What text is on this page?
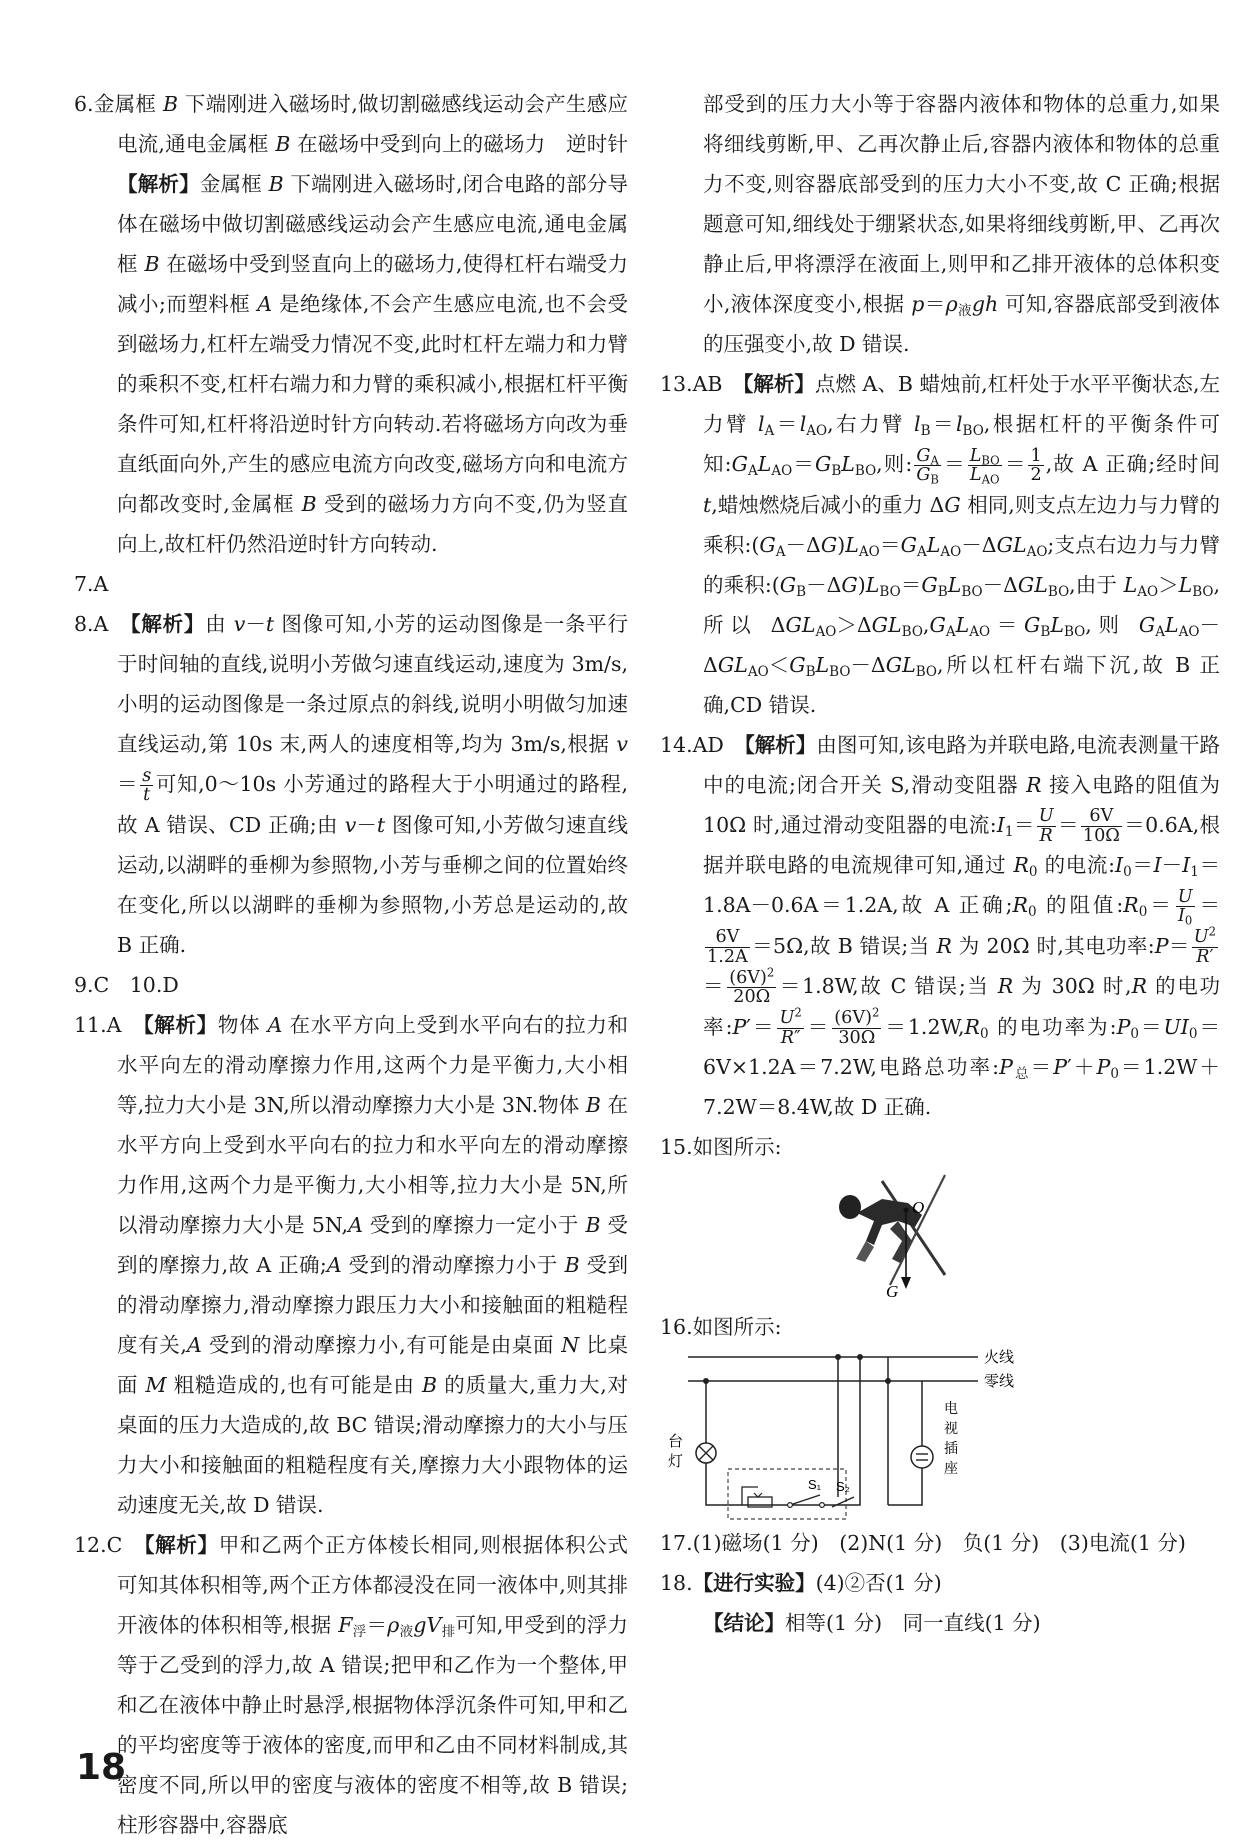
6.金属框 B 下端刚进入磁场时,做切割磁感线运动会产生感应电流,通电金属框 B 在磁场中受到向上的磁场力　逆时针　【解析】金属框 B 下端刚进入磁场时,闭合电路的部分导体在磁场中做切割磁感线运动会产生感应电流,通电金属框 B 在磁场中受到竖直向上的磁场力,使得杠杆右端受力减小;而塑料框 A 是绝缘体,不会产生感应电流,也不会受到磁场力,杠杆左端受力情况不变,此时杠杆左端力和力臂的乘积不变,杠杆右端力和力臂的乘积减小,根据杠杆平衡条件可知,杠杆将沿逆时针方向转动.若将磁场方向改为垂直纸面向外,产生的感应电流方向改变,磁场方向和电流方向都改变时,金属框 B 受到的磁场力方向不变,仍为竖直向上,故杠杆仍然沿逆时针方向转动.

7.A

8.A　【解析】由 v－t 图像可知,小芳的运动图像是一条平行于时间轴的直线,说明小芳做匀速直线运动,速度为 3m/s,小明的运动图像是一条过原点的斜线,说明小明做匀加速直线运动,第 10s 末,两人的速度相等,均为 3m/s,根据 $v= \frac{s}{t}$ 可知,0～10s 小芳通过的路程大于小明通过的路程,故 A 错误、CD 正确;由 v－t 图像可知,小芳做匀速直线运动,以湖畔的垂柳为参照物,小芳与垂柳之间的位置始终在变化,所以以湖畔的垂柳为参照物,小芳总是运动的,故 B 正确.

9.C　10.D

11.A　【解析】物体 A 在水平方向上受到水平向右的拉力和水平向左的滑动摩擦力作用,这两个力是平衡力,大小相等,拉力大小是 3N,所以滑动摩擦力大小是 3N.物体 B 在水平方向上受到水平向右的拉力和水平向左的滑动摩擦力作用,这两个力是平衡力,大小相等,拉力大小是 5N,所以滑动摩擦力大小是 5N,A 受到的摩擦力一定小于 B 受到的摩擦力,故 A 正确;A 受到的滑动摩擦力小于 B 受到的滑动摩擦力,滑动摩擦力跟压力大小和接触面的粗糙程度有关,A 受到的滑动摩擦力小,有可能是由桌面 N 比桌面 M 粗糙造成的,也有可能是由 B 的质量大,重力大,对桌面的压力大造成的,故 BC 错误;滑动摩擦力的大小与压力大小和接触面的粗糙程度有关,摩擦力大小跟物体的运动速度无关,故 D 错误.

12.C　【解析】甲和乙两个正方体棱长相同,则根据体积公式可知其体积相等,两个正方体都浸没在同一液体中,则其排开液体的体积相等,根据 $F_浮=\rho_液gV_排$可知,甲受到的浮力等于乙受到的浮力,故 A 错误;把甲和乙作为一个整体,甲和乙在液体中静止时悬浮,根据物体浮沉条件可知,甲和乙的平均密度等于液体的密度,而甲和乙由不同材料制成,其密度不同,所以甲的密度与液体的密度不相等,故 B 错误;柱形容器中,容器底

部受到的压力大小等于容器内液体和物体的总重力,如果将细线剪断,甲、乙再次静止后,容器内液体和物体的总重力不变,则容器底部受到的压力大小不变,故 C 正确;根据题意可知,细线处于绷紧状态,如果将细线剪断,甲、乙再次静止后,甲将漂浮在液面上,则甲和乙排开液体的总体积变小,液体深度变小,根据 $p=\rho_液gh$ 可知,容器底部受到液体的压强变小,故 D 错误.

13.AB　【解析】点燃 A、B 蜡烛前,杠杆处于水平平衡状态,左力臂 $l_A=l_{AO}$,右力臂 $l_B=l_{BO}$,根据杠杆的平衡条件可知$:G_AL_{AO}=G_BL_{BO}$,则: $\frac{G_A}{G_B} = L_{BO}$
$L_{AO}$
＝ $\frac{1}{2}$ ,故 A 正确;经时间 t,蜡烛燃烧后减小的重力 ΔG 相同,则支点左边力与力臂的乘积$:(G_A-\Delta G)L_{AO}=G_AL_{AO}-\Delta GL_{AO}$;支点右边力与力臂的乘积$:(G_B-\Delta G)L_{BO}=G_BL_{BO}-\Delta GL_{BO}$,由于 $L_{AO}>L_{BO}$,所以 $\Delta GL_{AO}>\Delta GL_{BO},G_AL_{AO}=G_BL_{BO}$,则 $G_AL_{AO}-\Delta GL_{AO}<G_BL_{BO}-\Delta GL_{BO}$,所以杠杆右端下沉,故 B 正确,CD 错误.

14.AD　【解析】由图可知,该电路为并联电路,电流表测量干路中的电流;闭合开关 S,滑动变阻器 R 接入电路的阻值为 10Ω 时,通过滑动变阻器的电流$:I_1= \frac{U}{R} = \frac{6V}{10\Omega} =0.6A$,根据并联电路的电流规律可知,通过 $R_0$ 的电流$:I_0=I-I_1=1.8A-0.6A=1.2A$,故 A 正确$;R_0$ 的阻值$:R_0= \frac{U}{I_0}$ ＝
$\frac{6V}{1.2A} =5\Omega$,故 B 错误;当 R 为 20Ω 时,其电功率:P＝ $\frac{U^2}{R'}$
＝ $\frac{(6V)^2}{20\Omega} =1.8W$,故 C 错误;当 R 为 30Ω 时,R 的电功率:P′＝ $\frac{U^2}{R''} = \frac{(6V)^2}{30\Omega} =1.2W,R_0$ 的电功率为$:P_0=UI_0=6V\times 1.2A=7.2W$,电路总功率$:P_总=P'+P_0=1.2W+7.2W=8.4W$,故 D 正确.

15.如图所示:

O
G

16.如图所示:

火线
零线
台 灯
S₁ S₂
电 视 插 座

17.(1)磁场(1 分)　(2)N(1 分)　负(1 分)　(3)电流(1 分)

18.【进行实验】(4)②否(1 分)

【结论】相等(1 分)　同一直线(1 分)

18
